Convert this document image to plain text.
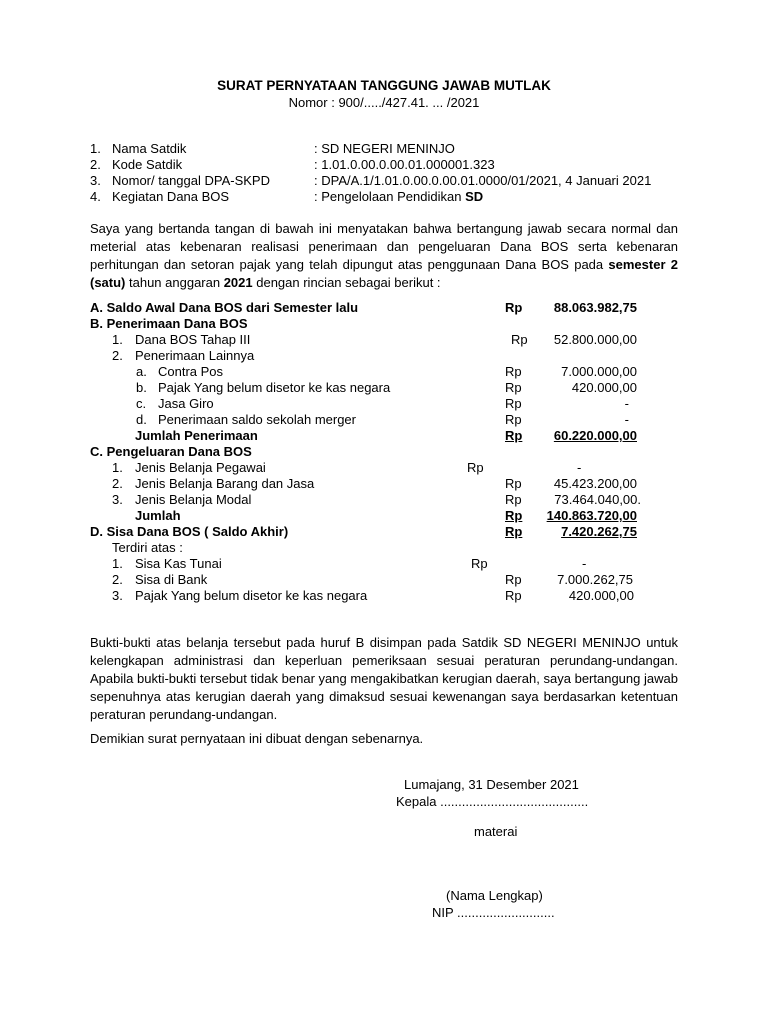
SURAT PERNYATAAN TANGGUNG JAWAB MUTLAK
Nomor : 900/...../427.41. ... /2021
1. Nama Satdik	: SD NEGERI MENINJO
2. Kode Satdik	: 1.01.0.00.0.00.01.000001.323
3. Nomor/ tanggal DPA-SKPD	: DPA/A.1/1.01.0.00.0.00.01.0000/01/2021, 4 Januari 2021
4. Kegiatan Dana BOS	: Pengelolaan Pendidikan SD
Saya yang bertanda tangan di bawah ini menyatakan bahwa bertangung jawab secara normal dan meterial atas kebenaran realisasi penerimaan dan pengeluaran Dana BOS serta kebenaran perhitungan dan setoran pajak yang telah dipungut atas penggunaan Dana BOS pada semester 2 (satu) tahun anggaran 2021 dengan rincian sebagai berikut :
A. Saldo Awal Dana BOS dari Semester lalu	Rp	88.063.982,75
B. Penerimaan Dana BOS
1. Dana BOS Tahap III	Rp	52.800.000,00
2. Penerimaan Lainnya
a. Contra Pos	Rp	7.000.000,00
b. Pajak Yang belum disetor ke kas negara	Rp	420.000,00
c. Jasa Giro	Rp	-
d. Penerimaan saldo sekolah merger	Rp	-
Jumlah Penerimaan	Rp	60.220.000,00
C. Pengeluaran Dana BOS
1. Jenis Belanja Pegawai	Rp	-
2. Jenis Belanja Barang dan Jasa	Rp	45.423.200,00
3. Jenis Belanja Modal	Rp	73.464.040,00.
Jumlah	Rp	140.863.720,00
D. Sisa Dana BOS ( Saldo Akhir)	Rp	7.420.262,75
Terdiri atas :
1. Sisa Kas Tunai	Rp	-
2. Sisa di Bank	Rp	7.000.262,75
3. Pajak Yang belum disetor ke kas negara	Rp	420.000,00
Bukti-bukti atas belanja tersebut pada huruf B disimpan pada Satdik SD NEGERI MENINJO untuk kelengkapan administrasi dan keperluan pemeriksaan sesuai peraturan perundang-undangan. Apabila bukti-bukti tersebut tidak benar yang mengakibatkan kerugian daerah, saya bertangung jawab sepenuhnya atas kerugian daerah yang dimaksud sesuai kewenangan saya berdasarkan ketentuan peraturan perundang-undangan.
Demikian surat pernyataan ini dibuat dengan sebenarnya.
Lumajang, 31 Desember 2021
Kepala .........................................
materai
(Nama Lengkap)
NIP ...........................
